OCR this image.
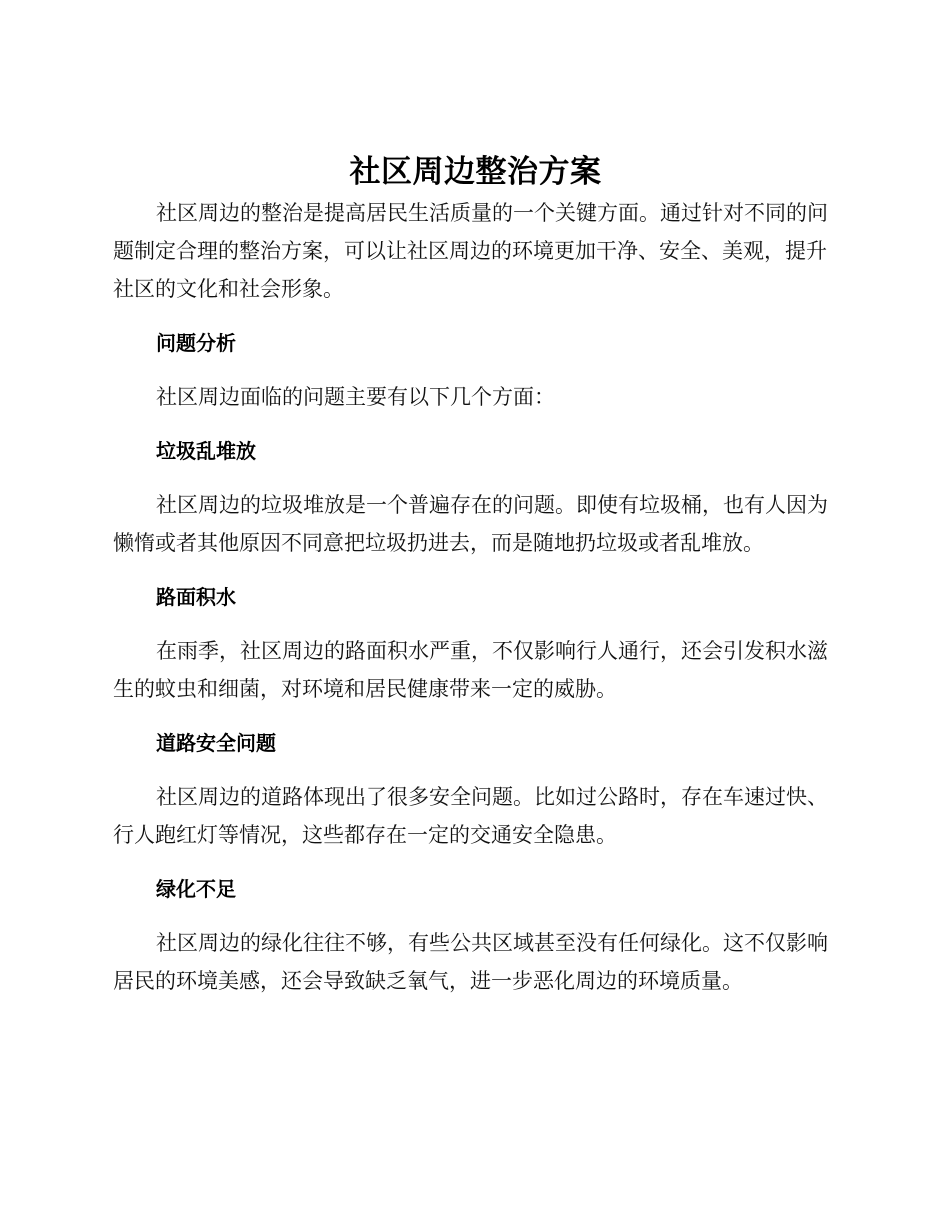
社区周边整治方案

社区周边的整治是提高居民生活质量的一个关键方面。通过针对不同的问题制定合理的整治方案，可以让社区周边的环境更加干净、安全、美观，提升社区的文化和社会形象。

问题分析

社区周边面临的问题主要有以下几个方面：

垃圾乱堆放

社区周边的垃圾堆放是一个普遍存在的问题。即使有垃圾桶，也有人因为懒惰或者其他原因不同意把垃圾扔进去，而是随地扔垃圾或者乱堆放。

路面积水

在雨季，社区周边的路面积水严重，不仅影响行人通行，还会引发积水滋生的蚊虫和细菌，对环境和居民健康带来一定的威胁。

道路安全问题

社区周边的道路体现出了很多安全问题。比如过公路时，存在车速过快、行人跑红灯等情况，这些都存在一定的交通安全隐患。

绿化不足

社区周边的绿化往往不够，有些公共区域甚至没有任何绿化。这不仅影响居民的环境美感，还会导致缺乏氧气，进一步恶化周边的环境质量。
